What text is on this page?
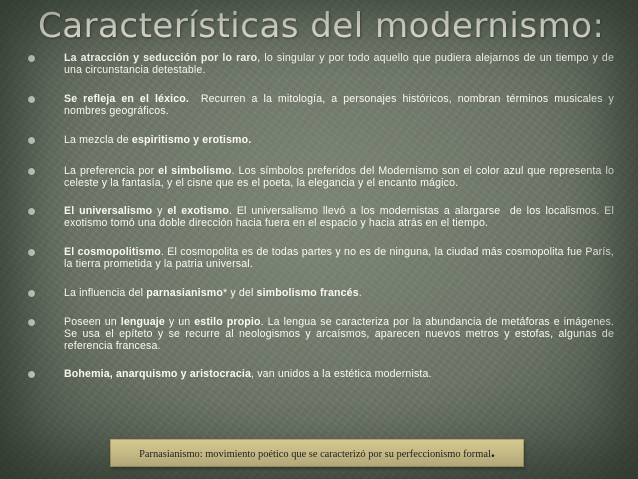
Características del modernismo:
La atracción y seducción por lo raro, lo singular y por todo aquello que pudiera alejarnos de un tiempo y de una circunstancia detestable.
Se refleja en el léxico.  Recurren a la mitología, a personajes históricos, nombran términos musicales y nombres geográficos.
La mezcla de espiritismo y erotismo.
La preferencia por el simbolismo. Los símbolos preferidos del Modernismo son el color azul que representa lo celeste y la fantasía, y el cisne que es el poeta, la elegancia y el encanto mágico.
El universalismo y el exotismo. El universalismo llevó a los modernistas a alargarse  de los localismos. El exotismo tomó una doble dirección hacia fuera en el espacio y hacia atrás en el tiempo.
El cosmopolitismo. El cosmopolita es de todas partes y no es de ninguna, la ciudad más cosmopolita fue París, la tierra prometida y la patria universal.
La influencia del parnasianismo* y del simbolismo francés.
Poseen un lenguaje y un estilo propio. La lengua se caracteriza por la abundancia de metáforas e imágenes. Se usa el epíteto y se recurre al neologismos y arcaísmos, aparecen nuevos metros y estofas, algunas de referencia francesa.
Bohemia, anarquismo y aristocracia, van unidos a la estética modernista.
Parnasianismo: movimiento poético que se caracterizó por su perfeccionismo formal.
